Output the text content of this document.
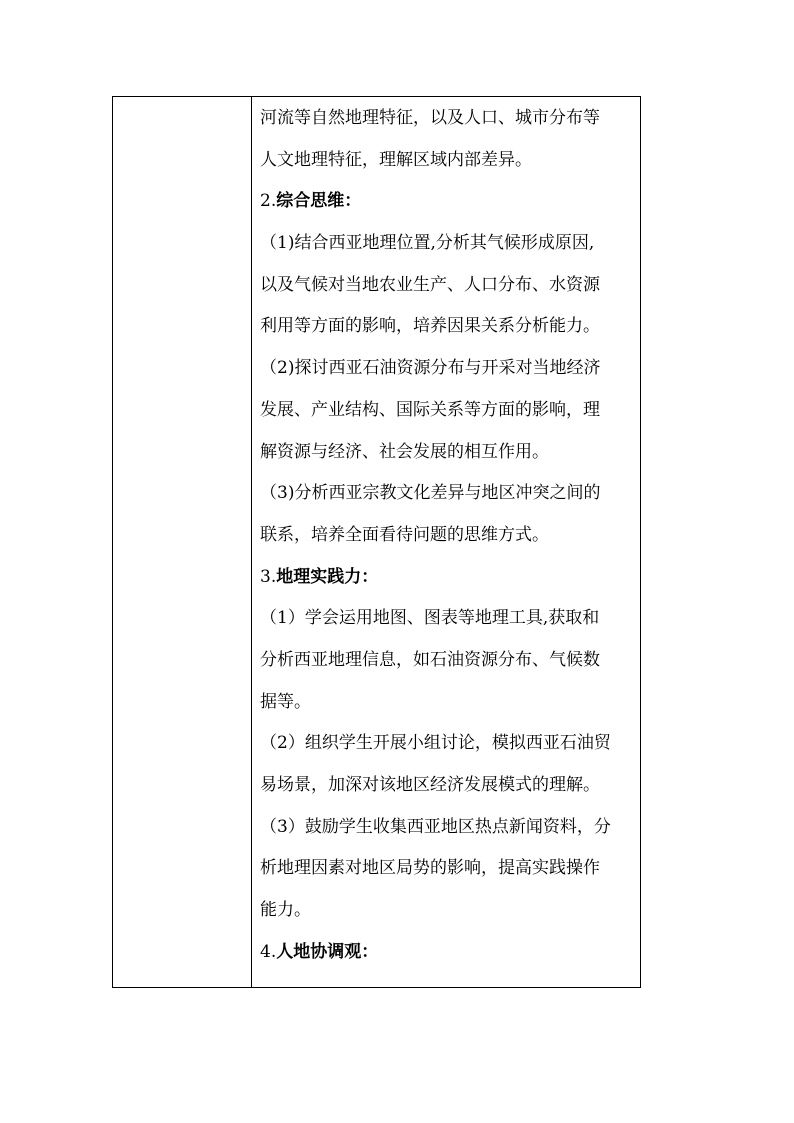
河流等自然地理特征，以及人口、城市分布等
人文地理特征，理解区域内部差异。
2.综合思维：
（1)结合西亚地理位置,分析其气候形成原因,
以及气候对当地农业生产、人口分布、水资源
利用等方面的影响，培养因果关系分析能力。
（2)探讨西亚石油资源分布与开采对当地经济
发展、产业结构、国际关系等方面的影响，理
解资源与经济、社会发展的相互作用。
（3)分析西亚宗教文化差异与地区冲突之间的
联系，培养全面看待问题的思维方式。
3.地理实践力：
（1）学会运用地图、图表等地理工具,获取和
分析西亚地理信息，如石油资源分布、气候数
据等。
（2）组织学生开展小组讨论，模拟西亚石油贸
易场景，加深对该地区经济发展模式的理解。
（3）鼓励学生收集西亚地区热点新闻资料，分
析地理因素对地区局势的影响，提高实践操作
能力。
4.人地协调观：
